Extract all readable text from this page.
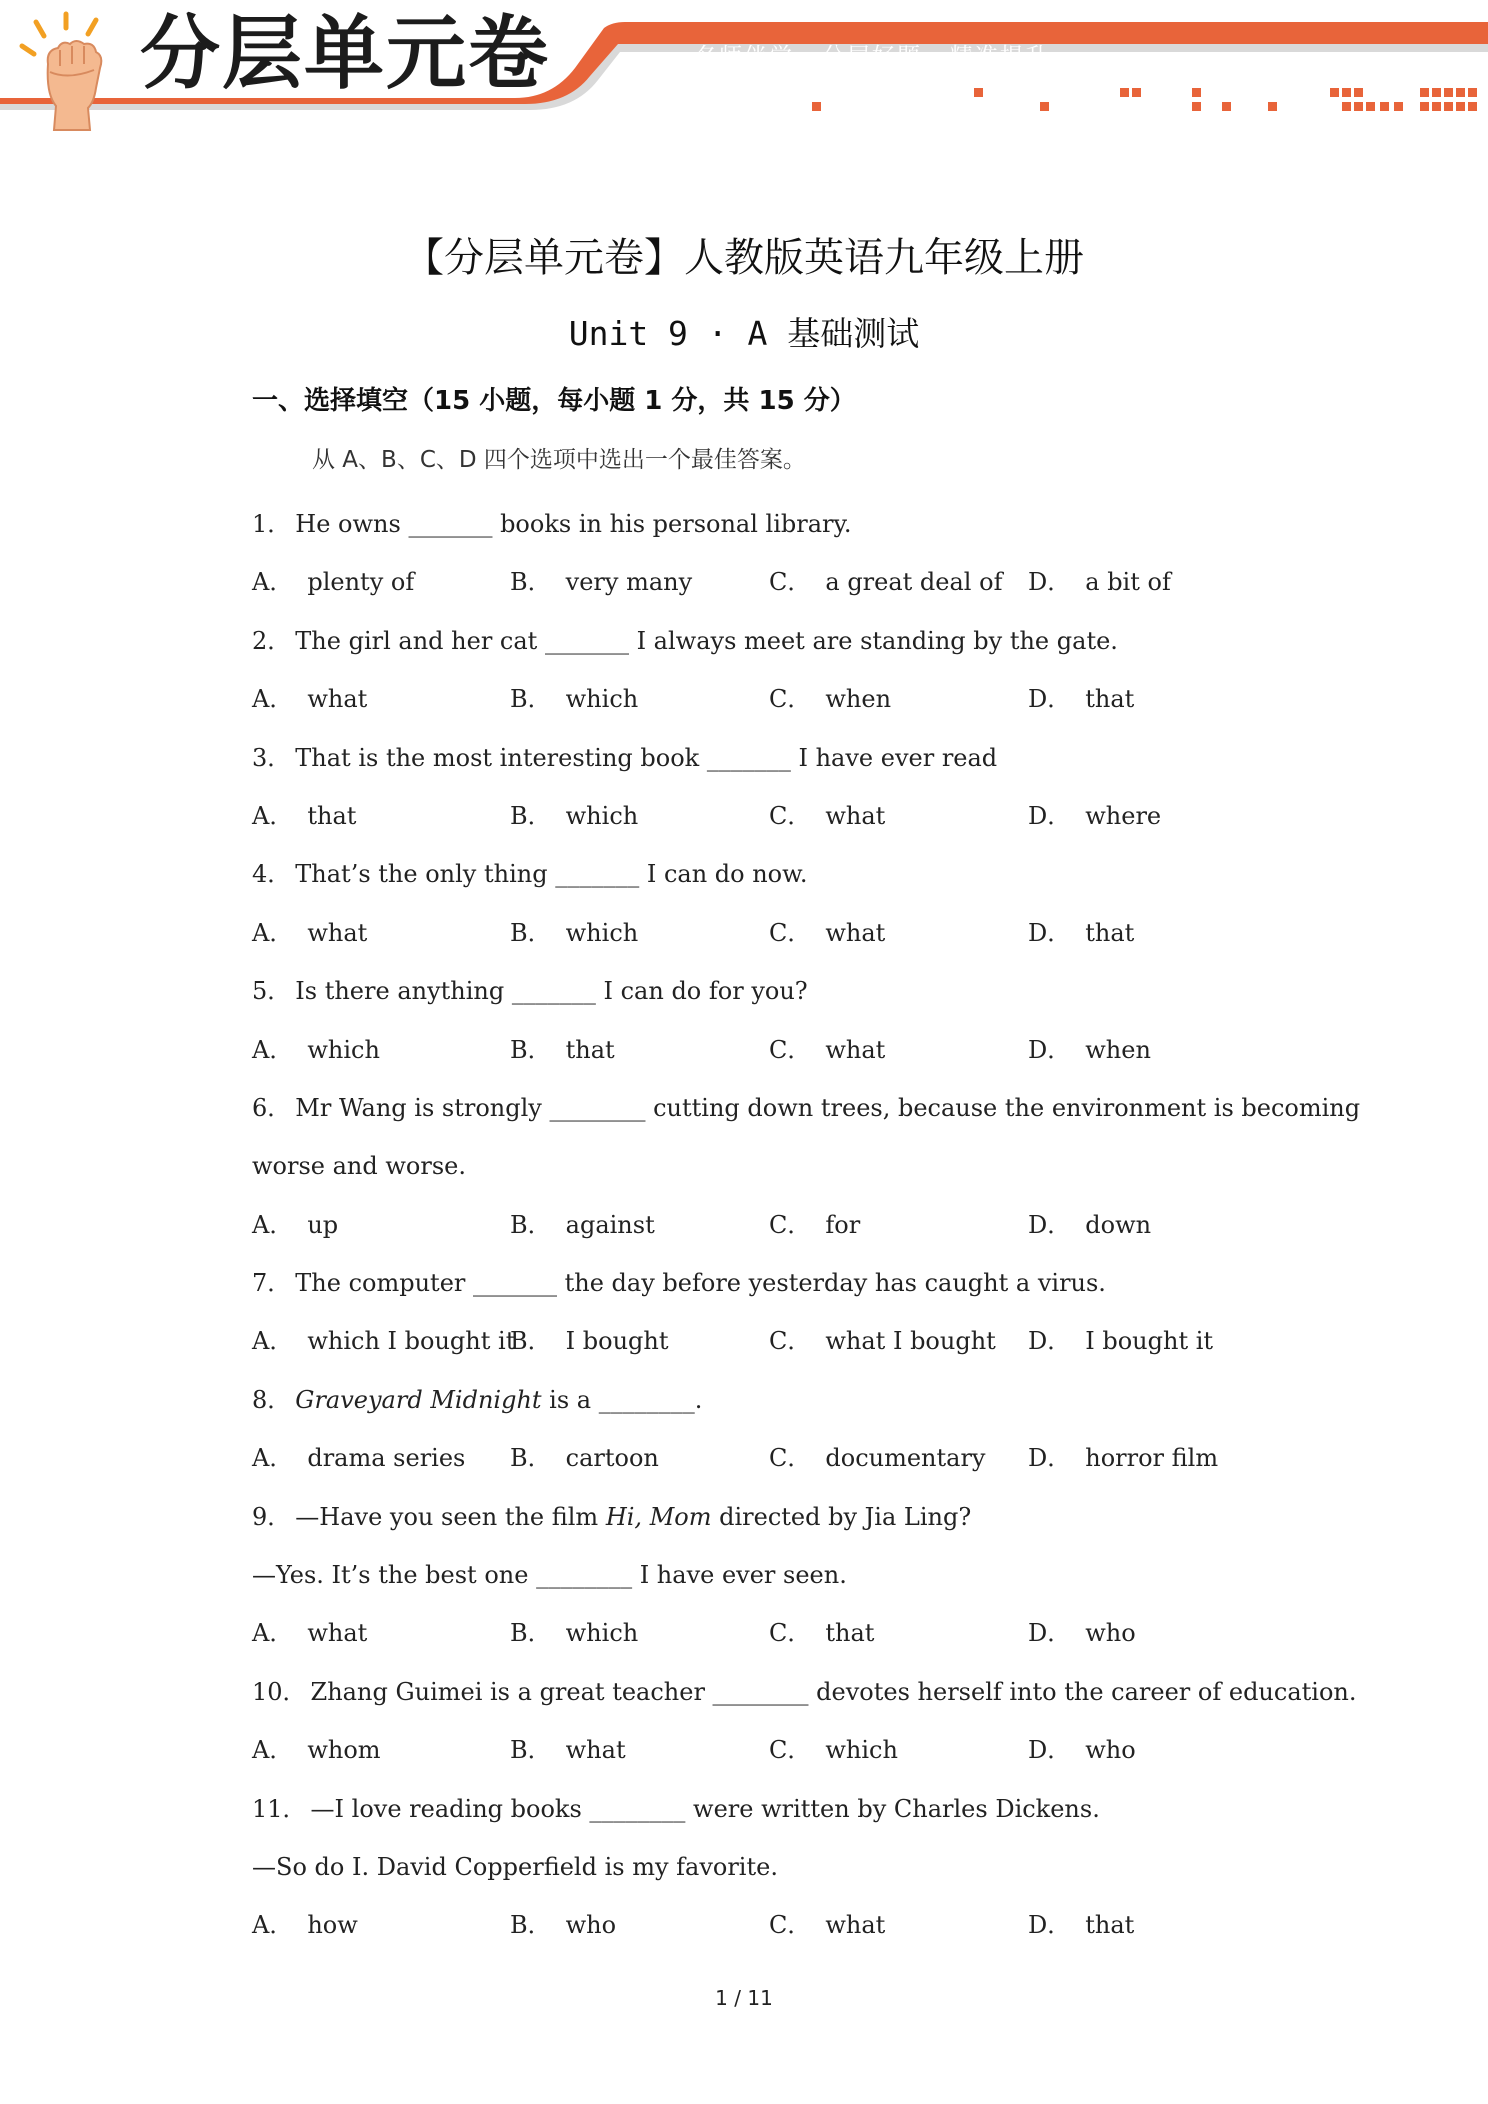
分层单元卷	名师伴学   分层好题   精准提升
【分层单元卷】人教版英语九年级上册
Unit 9 · A 基础测试
一、选择填空（15 小题，每小题 1 分，共 15 分）
从 A、B、C、D 四个选项中选出一个最佳答案。
1． He owns _______ books in his personal library.
A． plenty of	B． very many	C． a great deal of D． a bit of
2． The girl and her cat _______ I always meet are standing by the gate.
A． what	B． which	C． when	D． that
3． That is the most interesting book _______ I have ever read
A． that	B． which	C． what	D． where
4． That’s the only thing _______ I can do now.
A． what	B． which	C． what	D． that
5． Is there anything _______ I can do for you?
A． which	B． that	C． what	D． when
6． Mr Wang is strongly ________ cutting down trees, because the environment is becoming
worse and worse.
A． up	B． against	C． for	D． down
7． The computer _______ the day before yesterday has caught a virus.
A． which I bought it
B． I bought	C． what I bought D． I bought it
8． Graveyard Midnight is a ________.
A． drama series B． cartoon	C． documentary D． horror film
9． —Have you seen the film Hi, Mom directed by Jia Ling?
—Yes. It’s the best one ________ I have ever seen.
A． what	B． which	C． that	D． who
10． Zhang Guimei is a great teacher ________ devotes herself into the career of education.
A． whom	B． what	C． which	D． who
11． —I love reading books ________ were written by Charles Dickens.
—So do I. David Copperfield is my favorite.
A． how	B． who	C． what	D． that
1 / 11
